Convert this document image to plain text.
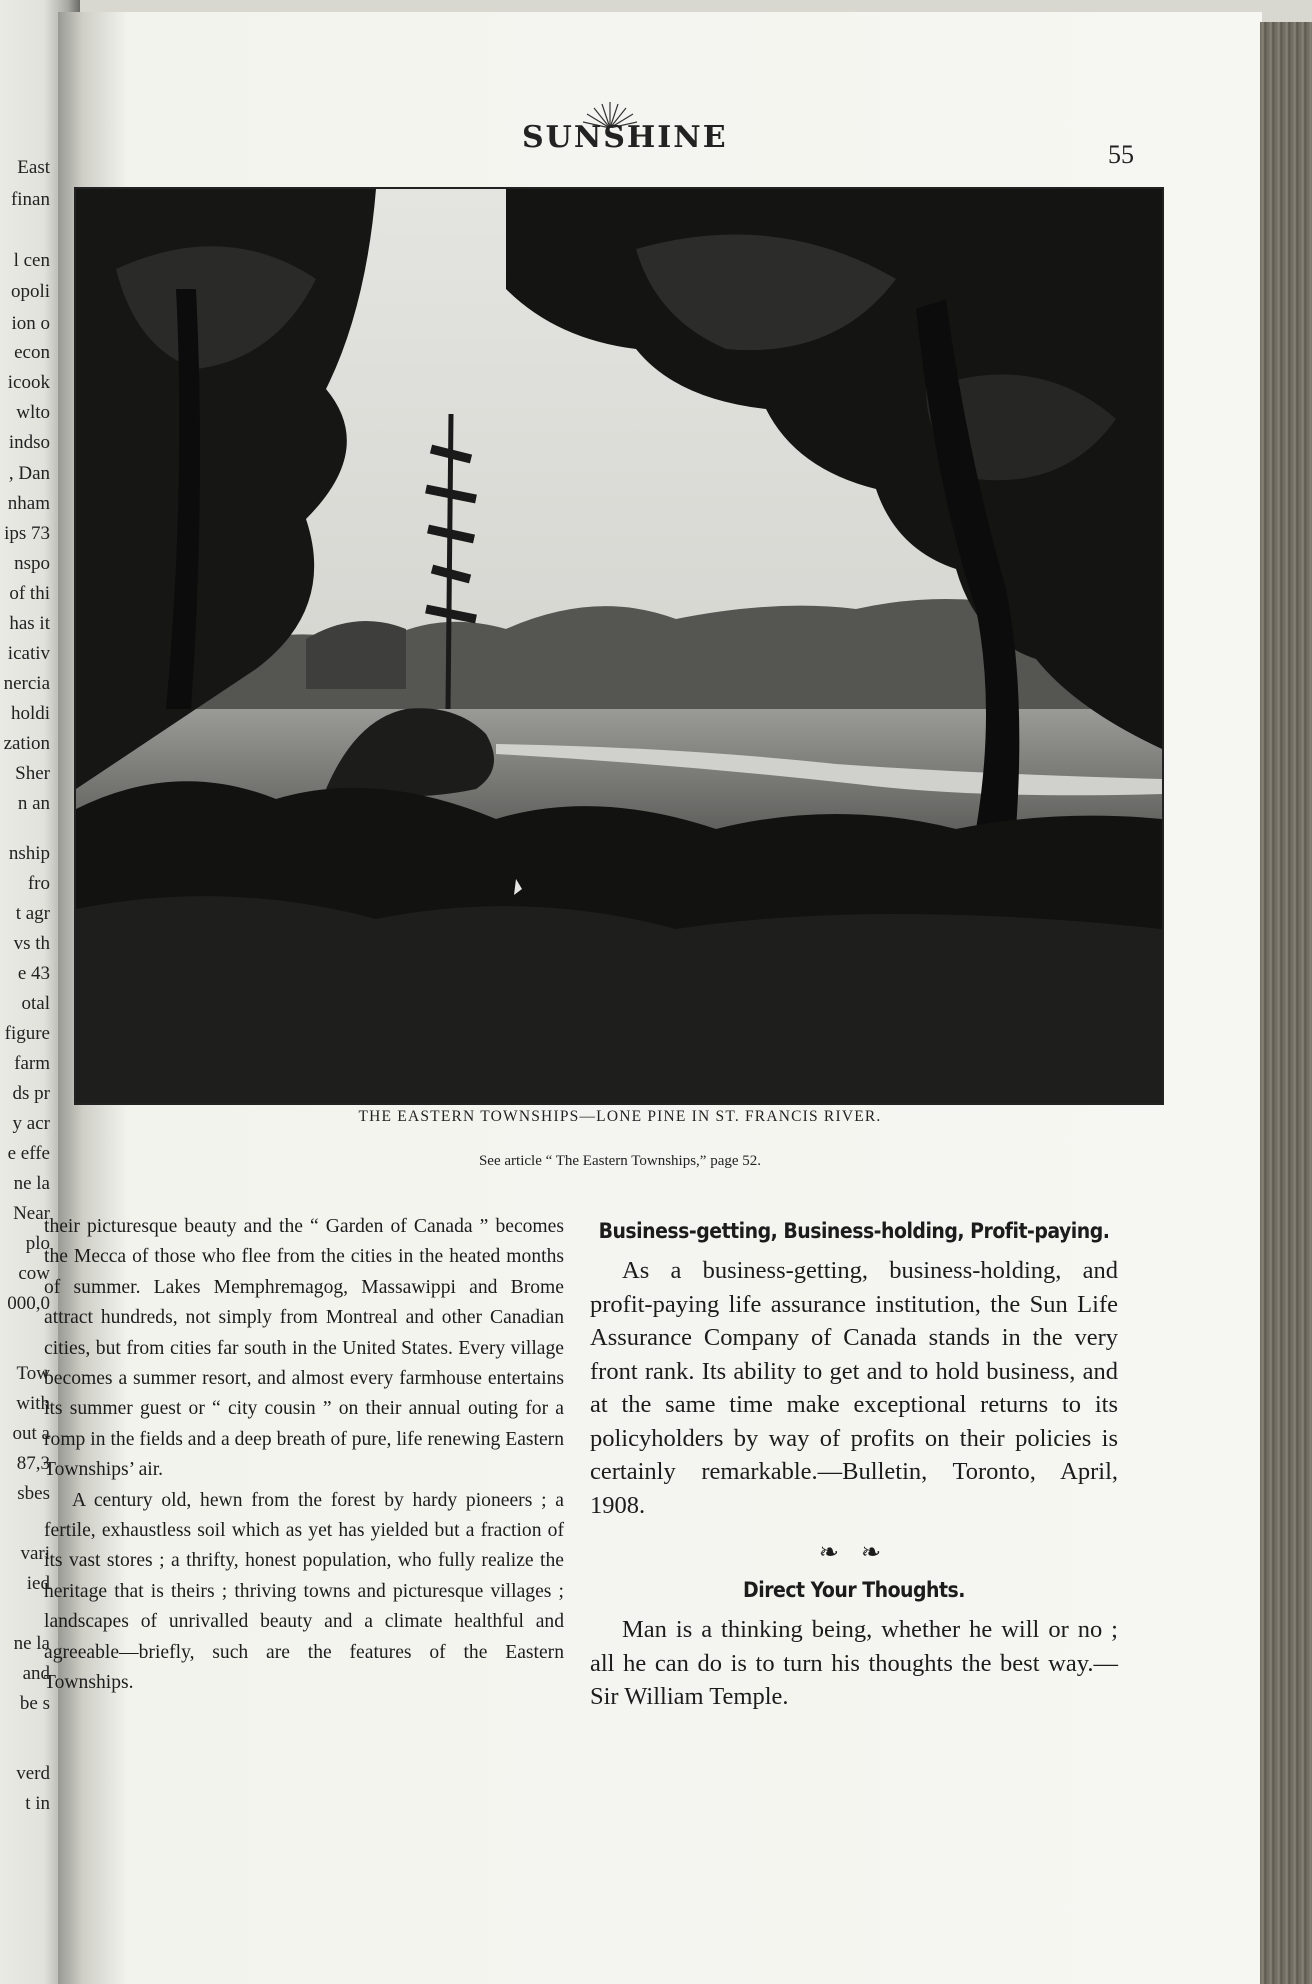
East
finan
l cen
opoli
ion o
econ
icook
wlto
indso
, Dan
nham
ips 73
nspo
of thi
has it
icativ
nercia
holdi
zation
Sher
n an
nship
fro
t agr
vs th
e 43
otal
figure
farm
ds pr
y acr
e effe
ne la
Near
plo
cow
000,0
Tow
with
out a
87,3
sbes
vari
ied
ne la
and
be s
verd
t in
SUNSHINE	55
THE EASTERN TOWNSHIPS—LONE PINE IN ST. FRANCIS RIVER.
See article “ The Eastern Townships,” page 52.

their picturesque beauty and the “ Garden of Canada ” becomes the Mecca of those who flee from the cities in the heated months of summer. Lakes Memphremagog, Massawippi and Brome attract hundreds, not simply from Montreal and other Canadian cities, but from cities far south in the United States. Every village becomes a summer resort, and almost every farmhouse entertains its summer guest or “ city cousin ” on their annual outing for a romp in the fields and a deep breath of pure, life renewing Eastern Townships’ air.

A century old, hewn from the forest by hardy pioneers ; a fertile, exhaustless soil which as yet has yielded but a fraction of its vast stores ; a thrifty, honest population, who fully realize the heritage that is theirs ; thriving towns and picturesque villages ; landscapes of unrivalled beauty and a climate healthful and agreeable—briefly, such are the features of the Eastern Townships.

Business-getting, Business-holding, Profit-paying.

As a business-getting, business-holding, and profit-paying life assurance institution, the Sun Life Assurance Company of Canada stands in the very front rank. Its ability to get and to hold business, and at the same time make exceptional returns to its policyholders by way of profits on their policies is certainly remarkable.—Bulletin, Toronto, April, 1908.

❧ ❧
Direct Your Thoughts.

Man is a thinking being, whether he will or no ; all he can do is to turn his thoughts the best way.—Sir William Temple.
